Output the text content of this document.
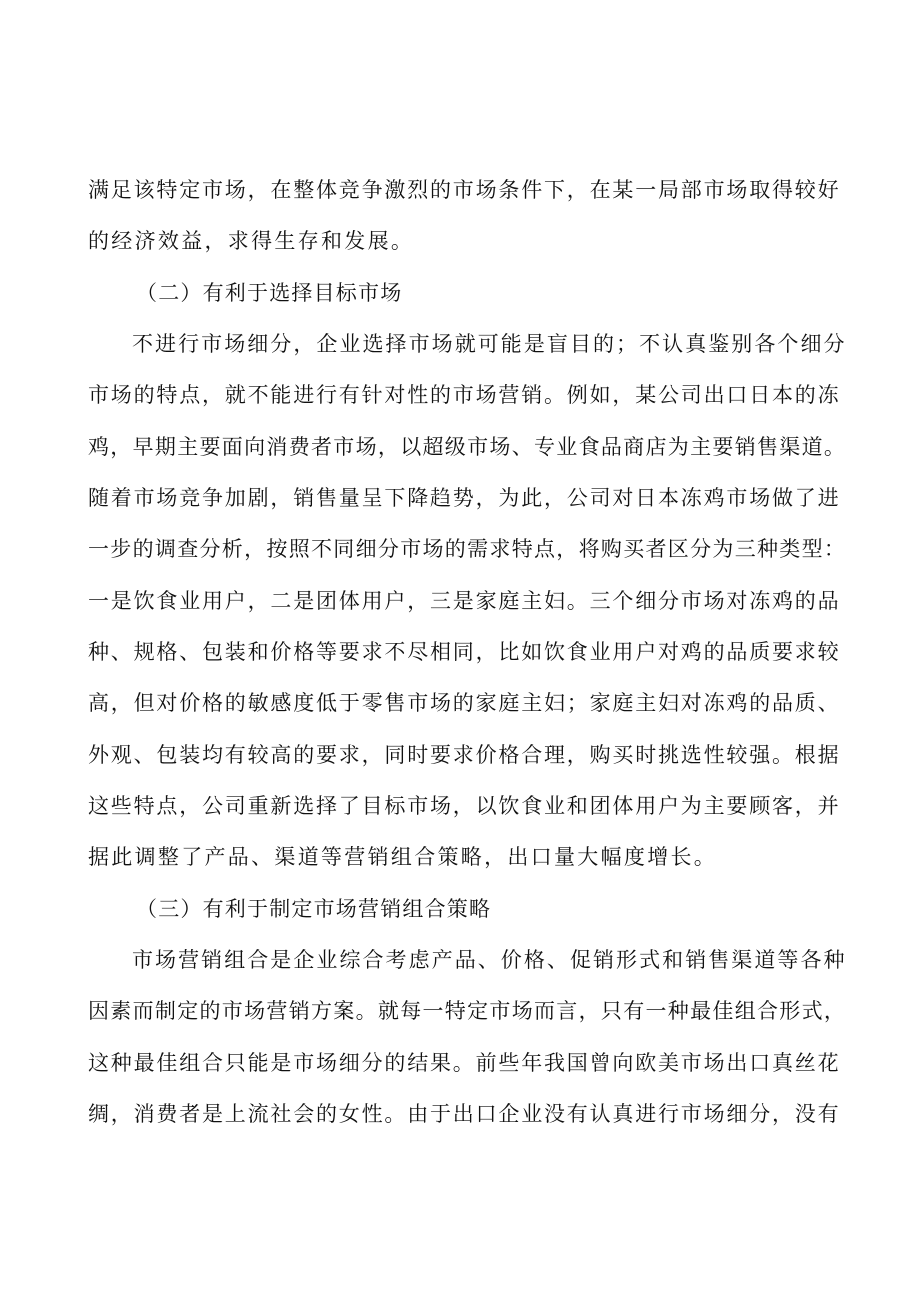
满足该特定市场，在整体竞争激烈的市场条件下，在某一局部市场取得较好
的经济效益，求得生存和发展。
（二）有利于选择目标市场
不进行市场细分，企业选择市场就可能是盲目的；不认真鉴别各个细分
市场的特点，就不能进行有针对性的市场营销。例如，某公司出口日本的冻
鸡，早期主要面向消费者市场，以超级市场、专业食品商店为主要销售渠道。
随着市场竞争加剧，销售量呈下降趋势，为此，公司对日本冻鸡市场做了进
一步的调查分析，按照不同细分市场的需求特点，将购买者区分为三种类型：
一是饮食业用户，二是团体用户，三是家庭主妇。三个细分市场对冻鸡的品
种、规格、包装和价格等要求不尽相同，比如饮食业用户对鸡的品质要求较
高，但对价格的敏感度低于零售市场的家庭主妇；家庭主妇对冻鸡的品质、
外观、包装均有较高的要求，同时要求价格合理，购买时挑选性较强。根据
这些特点，公司重新选择了目标市场，以饮食业和团体用户为主要顾客，并
据此调整了产品、渠道等营销组合策略，出口量大幅度增长。
（三）有利于制定市场营销组合策略
市场营销组合是企业综合考虑产品、价格、促销形式和销售渠道等各种
因素而制定的市场营销方案。就每一特定市场而言，只有一种最佳组合形式，
这种最佳组合只能是市场细分的结果。前些年我国曾向欧美市场出口真丝花
绸，消费者是上流社会的女性。由于出口企业没有认真进行市场细分，没有
